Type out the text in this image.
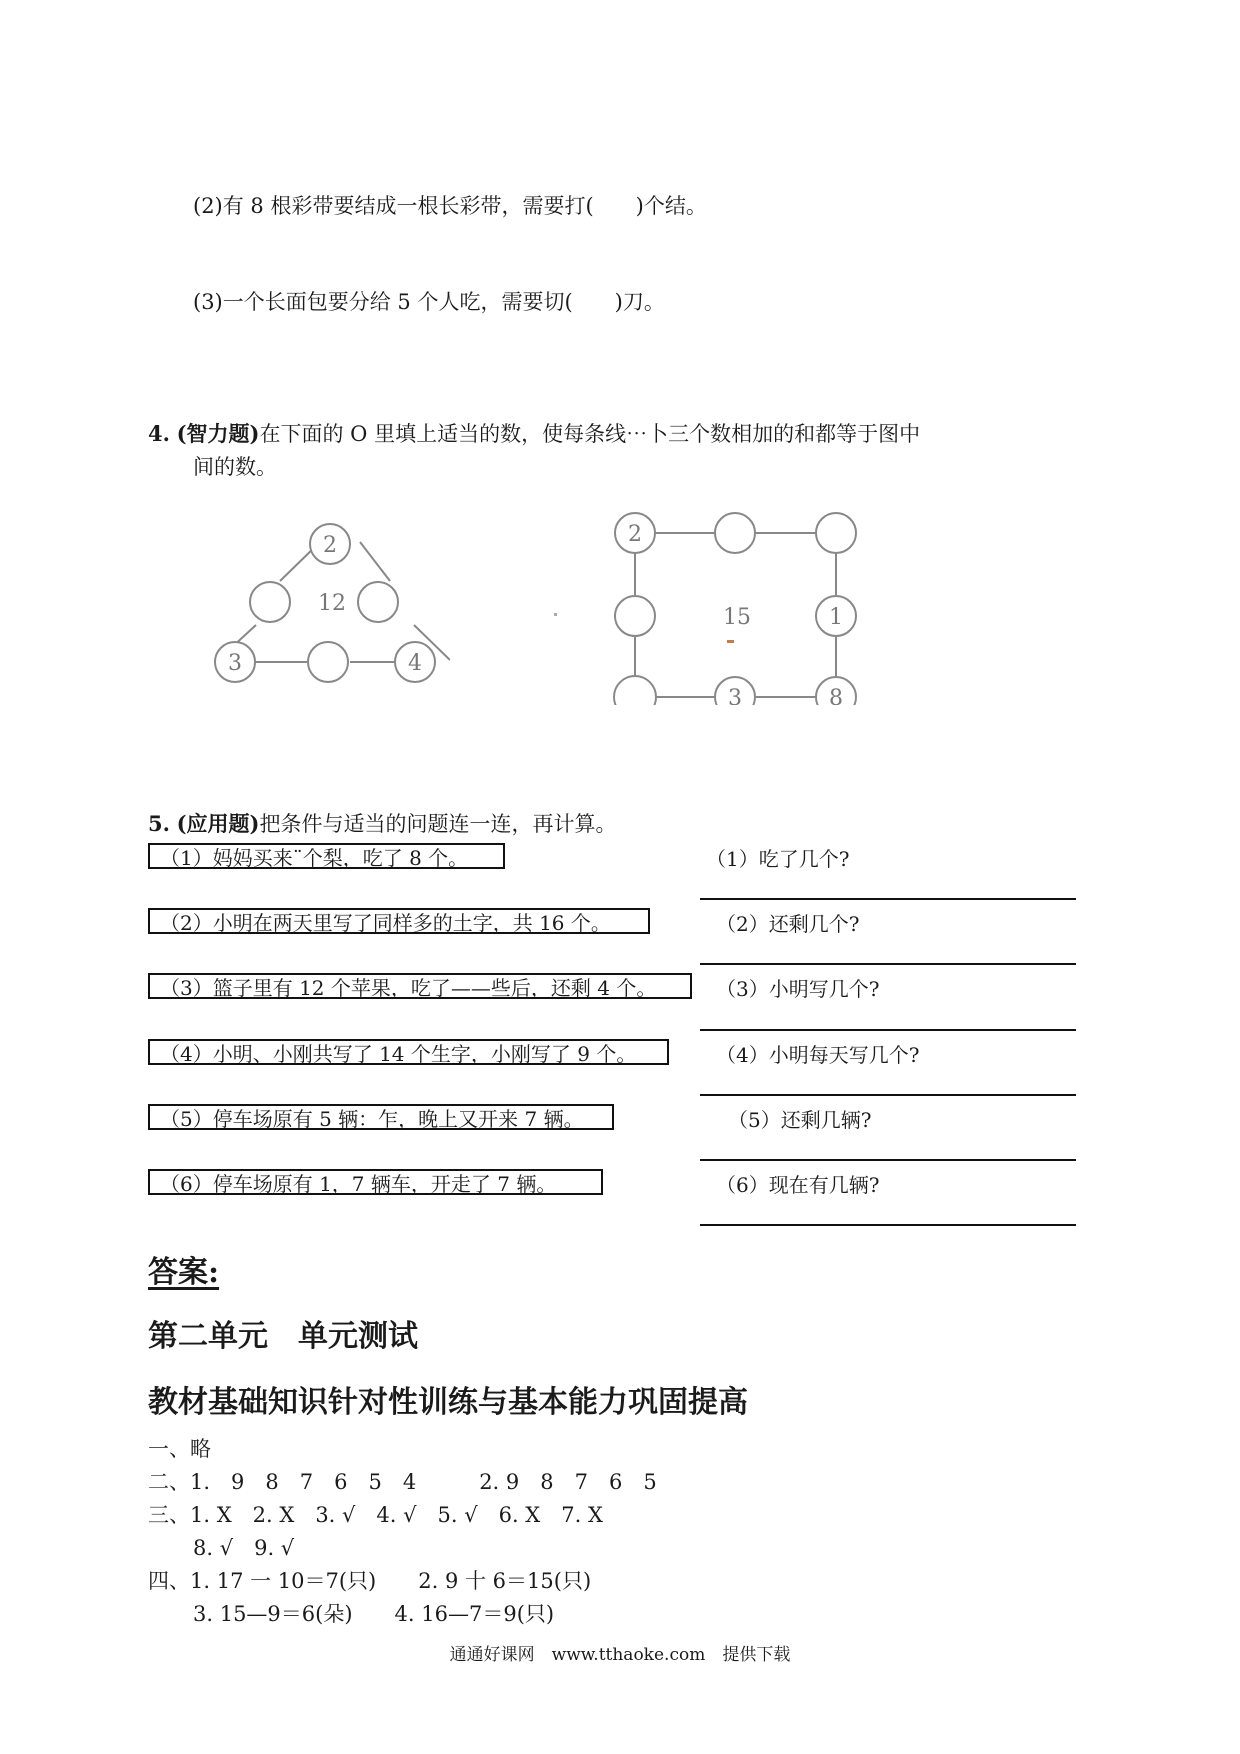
(2)有 8 根彩带要结成一根长彩带，需要打(　　)个结。
(3)一个长面包要分给 5 个人吃，需要切(　　)刀。
4. (智力题)在下面的 O 里填上适当的数，使每条线⋯卜三个数相加的和都等于图中
间的数。
2
3	4
12
2
1
3	8
15
5. (应用题)把条件与适当的问题连一连，再计算。
（1）妈妈买来¨个梨，吃了 8 个。
（2）小明在两天里写了同样多的土字，共 16 个。
（3）篮子里有 12 个苹果，吃了——些后，还剩 4 个。
（4）小明、小刚共写了 14 个生字，小刚写了 9 个。
（5）停车场原有 5 辆：乍，晚上又开来 7 辆。
（6）停车场原有 1，7 辆车，开走了 7 辆。
（1）吃了几个?
（2）还剩几个?
（3）小明写几个?
（4）小明每天写几个?
（5）还剩几辆?
（6）现在有几辆?
答案:
第二单元　单元测试
教材基础知识针对性训练与基本能力巩固提高
一、略
二、1.　9　8　7　6　5　4　　　2. 9　8　7　6　5
三、1. X　2. X　3. √　4. √　5. √　6. X　7. X
8. √　9. √
四、1. 17 一 10＝7(只)　　2. 9 十 6＝15(只)
3. 15—9＝6(朵)　　4. 16—7＝9(只)
通通好课网　www.tthaoke.com　提供下载
